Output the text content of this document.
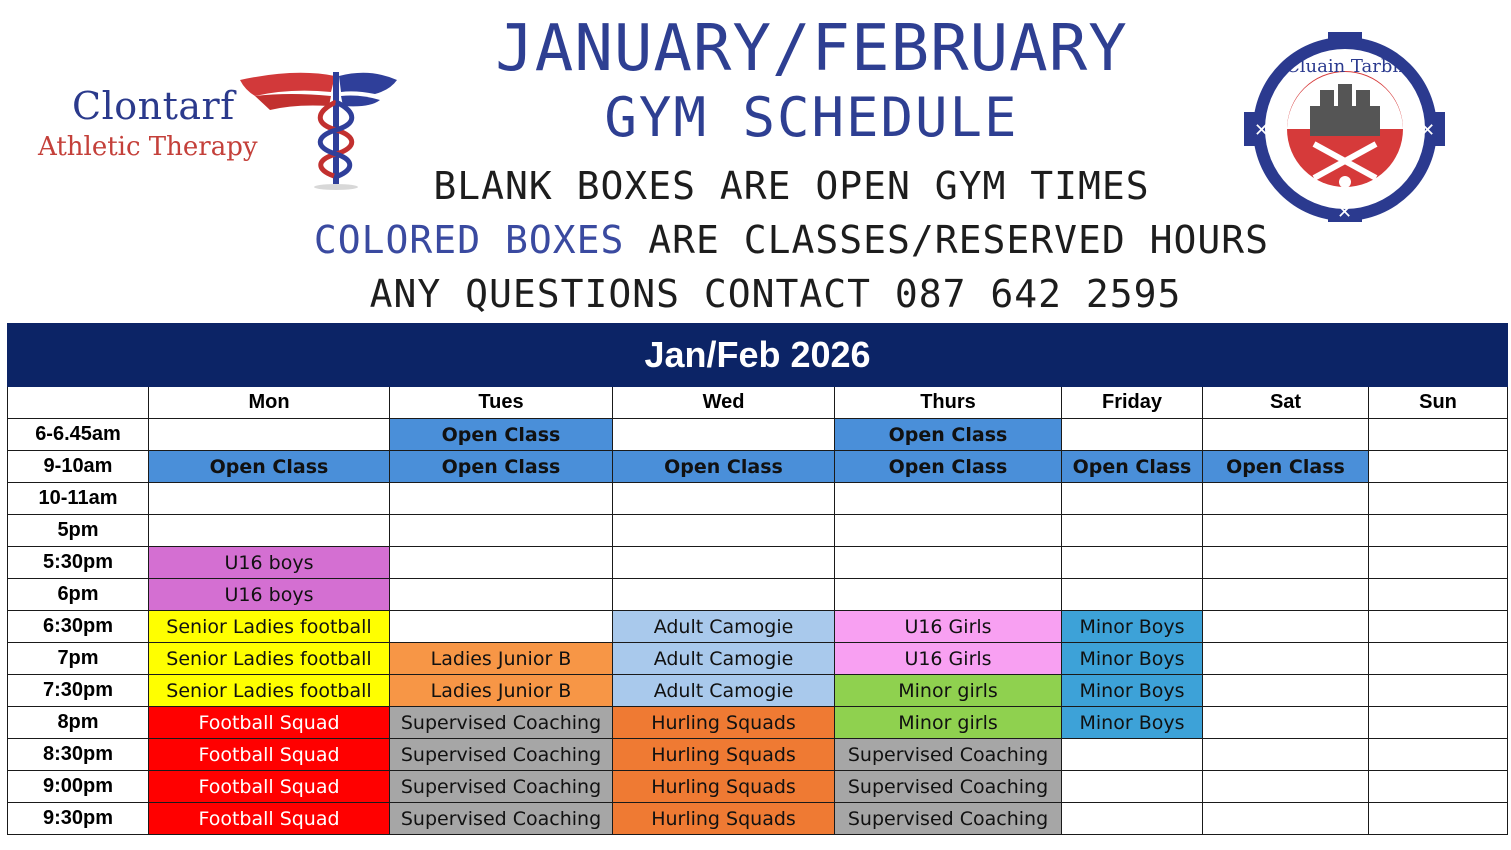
Clontarf
Athletic Therapy
JANUARY/FEBRUARY
GYM SCHEDULE
BLANK BOXES ARE OPEN GYM TIMES
COLORED BOXES ARE CLASSES/RESERVED HOURS
ANY QUESTIONS CONTACT 087 642 2595
Cluain Tarbh
✕	✕
✕
Jan/Feb 2026							
	Mon	Tues	Wed	Thurs	Friday	Sat	Sun
6-6.45am		Open Class		Open Class			
9-10am	Open Class	Open Class	Open Class	Open Class	Open Class	Open Class	
10-11am							
5pm							
5:30pm	U16 boys						
6pm	U16 boys						
6:30pm	Senior Ladies football		Adult Camogie	U16 Girls	Minor Boys		
7pm	Senior Ladies football	Ladies Junior B	Adult Camogie	U16 Girls	Minor Boys		
7:30pm	Senior Ladies football	Ladies Junior B	Adult Camogie	Minor girls	Minor Boys		
8pm	Football Squad	Supervised Coaching	Hurling Squads	Minor girls	Minor Boys		
8:30pm	Football Squad	Supervised Coaching	Hurling Squads	Supervised Coaching			
9:00pm	Football Squad	Supervised Coaching	Hurling Squads	Supervised Coaching			
9:30pm	Football Squad	Supervised Coaching	Hurling Squads	Supervised Coaching			
